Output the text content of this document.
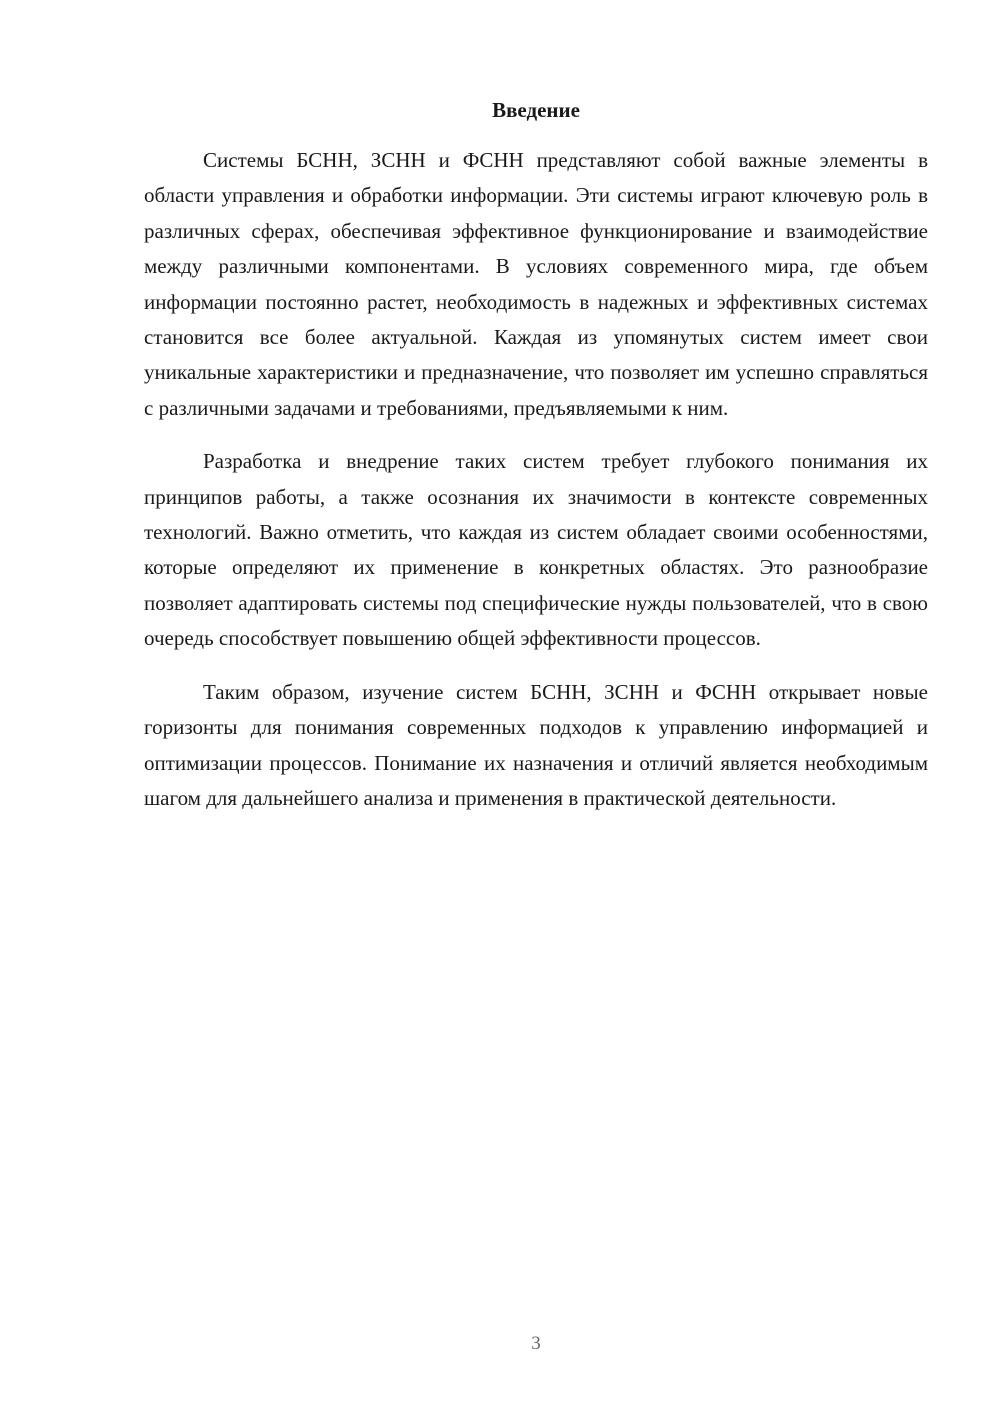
Введение

Системы БСНН, ЗСНН и ФСНН представляют собой важные элементы в области управления и обработки информации. Эти системы играют ключевую роль в различных сферах, обеспечивая эффективное функционирование и взаимодействие между различными компонентами. В условиях современного мира, где объем информации постоянно растет, необходимость в надежных и эффективных системах становится все более актуальной. Каждая из упомянутых систем имеет свои уникальные характеристики и предназначение, что позволяет им успешно справляться с различными задачами и требованиями, предъявляемыми к ним.

Разработка и внедрение таких систем требует глубокого понимания их принципов работы, а также осознания их значимости в контексте современных технологий. Важно отметить, что каждая из систем обладает своими особенностями, которые определяют их применение в конкретных областях. Это разнообразие позволяет адаптировать системы под специфические нужды пользователей, что в свою очередь способствует повышению общей эффективности процессов.

Таким образом, изучение систем БСНН, ЗСНН и ФСНН открывает новые горизонты для понимания современных подходов к управлению информацией и оптимизации процессов. Понимание их назначения и отличий является необходимым шагом для дальнейшего анализа и применения в практической деятельности.

3
